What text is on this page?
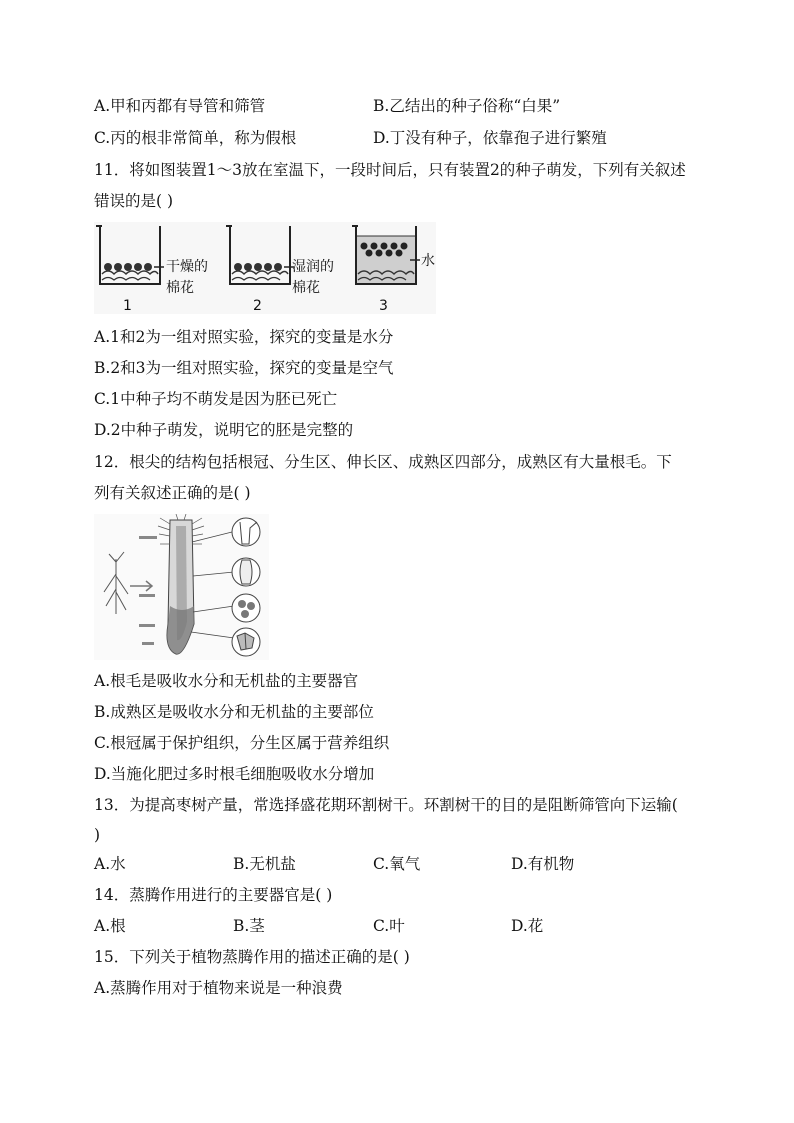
A.甲和丙都有导管和筛管	B.乙结出的种子俗称“白果”
C.丙的根非常简单，称为假根	D.丁没有种子，依靠孢子进行繁殖
11．将如图装置1～3放在室温下，一段时间后，只有装置2的种子萌发，下列有关叙述
错误的是( )
干燥的
棉花
1
湿润的
棉花
2
水
3
A.1和2为一组对照实验，探究的变量是水分
B.2和3为一组对照实验，探究的变量是空气
C.1中种子均不萌发是因为胚已死亡
D.2中种子萌发，说明它的胚是完整的
12．根尖的结构包括根冠、分生区、伸长区、成熟区四部分，成熟区有大量根毛。下
列有关叙述正确的是( )
A.根毛是吸收水分和无机盐的主要器官
B.成熟区是吸收水分和无机盐的主要部位
C.根冠属于保护组织，分生区属于营养组织
D.当施化肥过多时根毛细胞吸收水分增加
13．为提高枣树产量，常选择盛花期环割树干。环割树干的目的是阻断筛管向下运输(
)
A.水	B.无机盐	C.氧气	D.有机物
14．蒸腾作用进行的主要器官是( )
A.根	B.茎	C.叶	D.花
15．下列关于植物蒸腾作用的描述正确的是( )
A.蒸腾作用对于植物来说是一种浪费
